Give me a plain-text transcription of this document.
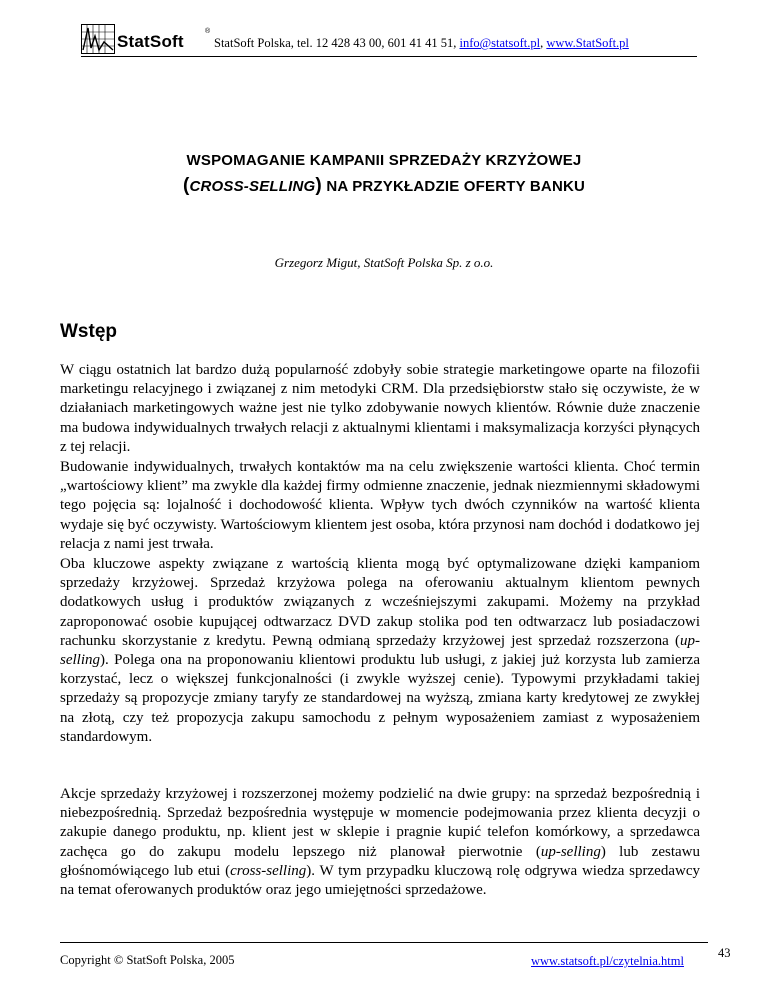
StatSoft
®
StatSoft Polska, tel. 12 428 43 00, 601 41 41 51, info@statsoft.pl, www.StatSoft.pl
WSPOMAGANIE KAMPANII SPRZEDAŻY KRZYŻOWEJ
(CROSS-SELLING) NA PRZYKŁADZIE OFERTY BANKU
Grzegorz Migut, StatSoft Polska Sp. z o.o.
Wstęp
W ciągu ostatnich lat bardzo dużą popularność zdobyły sobie strategie marketingowe oparte na filozofii marketingu relacyjnego i związanej z nim metodyki CRM. Dla przedsiębiorstw stało się oczywiste, że w działaniach marketingowych ważne jest nie tylko zdobywanie nowych klientów. Równie duże znaczenie ma budowa indywidualnych trwałych relacji z aktualnymi klientami i maksymalizacja korzyści płynących z tej relacji.
Budowanie indywidualnych, trwałych kontaktów ma na celu zwiększenie wartości klienta. Choć termin „wartościowy klient” ma zwykle dla każdej firmy odmienne znaczenie, jednak niezmiennymi składowymi tego pojęcia są: lojalność i dochodowość klienta. Wpływ tych dwóch czynników na wartość klienta wydaje się być oczywisty. Wartościowym klientem jest osoba, która przynosi nam dochód i dodatkowo jej relacja z nami jest trwała.
Oba kluczowe aspekty związane z wartością klienta mogą być optymalizowane dzięki kampaniom sprzedaży krzyżowej. Sprzedaż krzyżowa polega na oferowaniu aktualnym klientom pewnych dodatkowych usług i produktów związanych z wcześniejszymi zakupami. Możemy na przykład zaproponować osobie kupującej odtwarzacz DVD zakup stolika pod ten odtwarzacz lub posiadaczowi rachunku skorzystanie z kredytu. Pewną odmianą sprzedaży krzyżowej jest sprzedaż rozszerzona (up-selling). Polega ona na proponowaniu klientowi produktu lub usługi, z jakiej już korzysta lub zamierza korzystać, lecz o większej funkcjonalności (i zwykle wyższej cenie). Typowymi przykładami takiej sprzedaży są propozycje zmiany taryfy ze standardowej na wyższą, zmiana karty kredytowej ze zwykłej na złotą, czy też propozycja zakupu samochodu z pełnym wyposażeniem zamiast z wyposażeniem standardowym.
Akcje sprzedaży krzyżowej i rozszerzonej możemy podzielić na dwie grupy: na sprzedaż bezpośrednią i niebezpośrednią. Sprzedaż bezpośrednia występuje w momencie podejmowania przez klienta decyzji o zakupie danego produktu, np. klient jest w sklepie i pragnie kupić telefon komórkowy, a sprzedawca zachęca go do zakupu modelu lepszego niż planował pierwotnie (up-selling) lub zestawu głośnomówiącego lub etui (cross-selling). W tym przypadku kluczową rolę odgrywa wiedza sprzedawcy na temat oferowanych produktów oraz jego umiejętności sprzedażowe.
Copyright © StatSoft Polska, 2005	www.statsoft.pl/czytelnia.html
43
